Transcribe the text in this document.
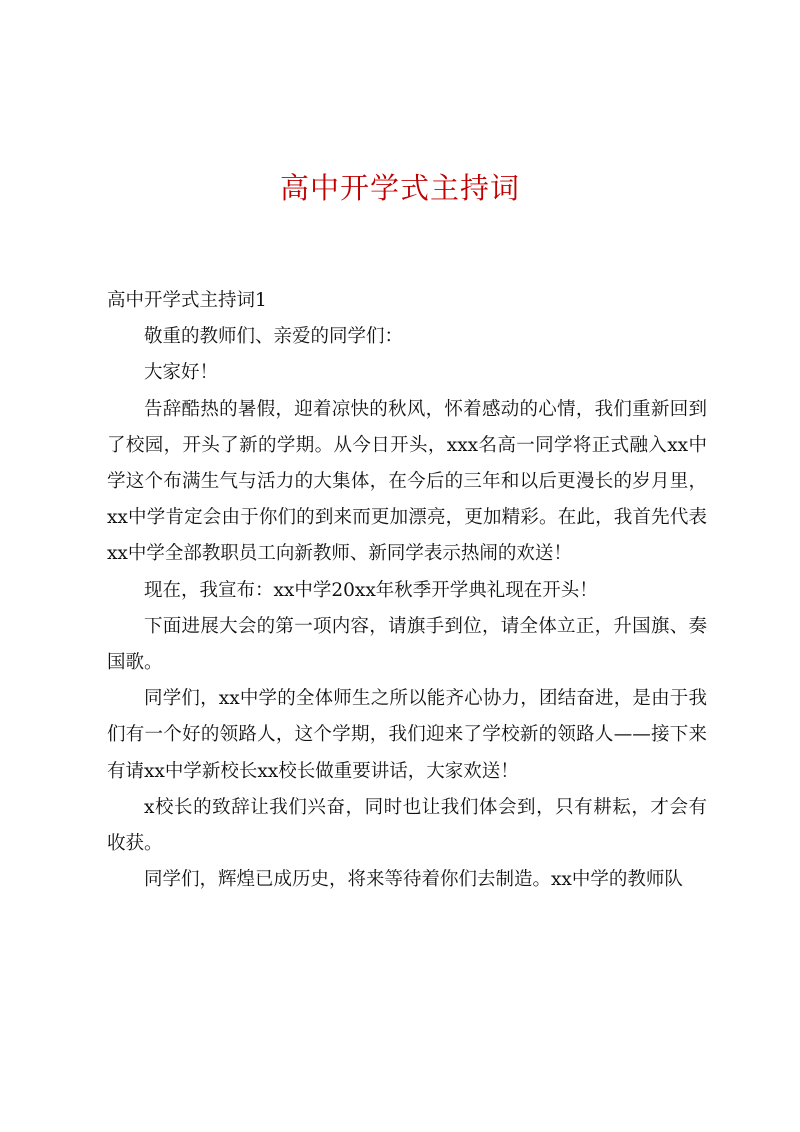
高中开学式主持词

高中开学式主持词1

敬重的教师们、亲爱的同学们：

大家好！

告辞酷热的暑假，迎着凉快的秋风，怀着感动的心情，我们重新回到了校园，开头了新的学期。从今日开头，xxx名高一同学将正式融入xx中学这个布满生气与活力的大集体，在今后的三年和以后更漫长的岁月里，xx中学肯定会由于你们的到来而更加漂亮，更加精彩。在此，我首先代表xx中学全部教职员工向新教师、新同学表示热闹的欢送！

现在，我宣布：xx中学20xx年秋季开学典礼现在开头！

下面进展大会的第一项内容，请旗手到位，请全体立正，升国旗、奏国歌。

同学们，xx中学的全体师生之所以能齐心协力，团结奋进，是由于我们有一个好的领路人，这个学期，我们迎来了学校新的领路人——接下来有请xx中学新校长xx校长做重要讲话，大家欢送！

x校长的致辞让我们兴奋，同时也让我们体会到，只有耕耘，才会有收获。

同学们，辉煌已成历史，将来等待着你们去制造。xx中学的教师队
